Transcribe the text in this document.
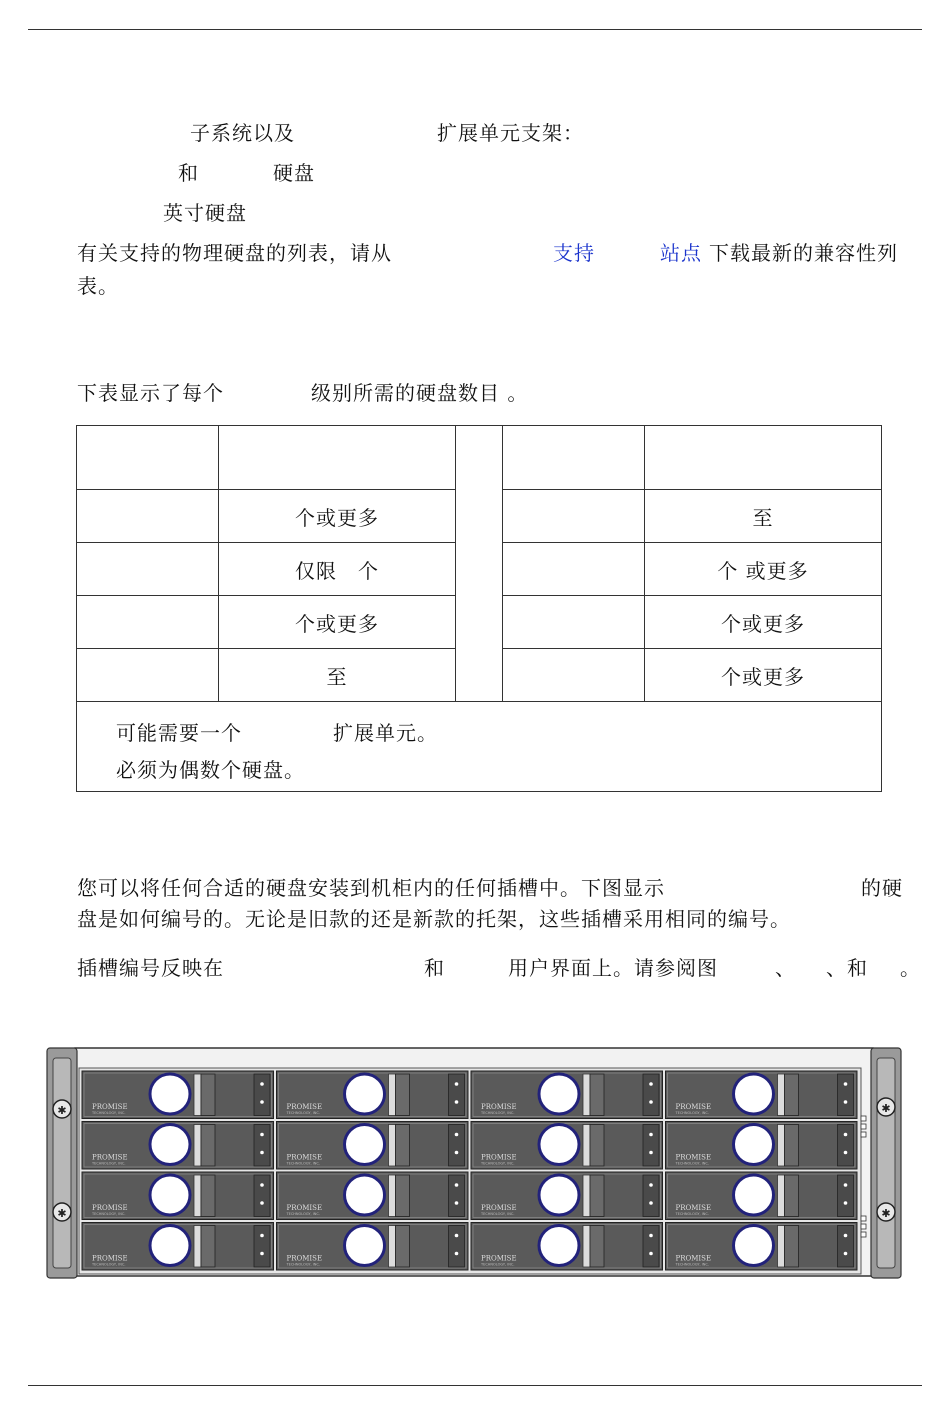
子系统以及	扩展单元支架：
和	硬盘
英寸硬盘
有关支持的物理硬盘的列表，请从	支持	站点 下载最新的兼容性列
表。
下表显示了每个	级别所需的硬盘数目 。
个或更多	至
仅限　个	个 或更多
个或更多	个或更多
至	个或更多
可能需要一个	扩展单元。
必须为偶数个硬盘。
您可以将任何合适的硬盘安装到机柜内的任何插槽中。下图显示	的硬
盘是如何编号的。无论是旧款的还是新款的托架，这些插槽采用相同的编号。
插槽编号反映在	和	用户界面上。请参阅图	、 、和 。
✱
✱
✱
✱
PROMISE
TECHNOLOGY, INC.
PROMISE
TECHNOLOGY, INC.
PROMISE
TECHNOLOGY, INC.
PROMISE
TECHNOLOGY, INC.
PROMISE
TECHNOLOGY, INC.
PROMISE
TECHNOLOGY, INC.
PROMISE
TECHNOLOGY, INC.
PROMISE
TECHNOLOGY, INC.
PROMISE
TECHNOLOGY, INC.
PROMISE
TECHNOLOGY, INC.
PROMISE
TECHNOLOGY, INC.
PROMISE
TECHNOLOGY, INC.
PROMISE
TECHNOLOGY, INC.
PROMISE
TECHNOLOGY, INC.
PROMISE
TECHNOLOGY, INC.
PROMISE
TECHNOLOGY, INC.
